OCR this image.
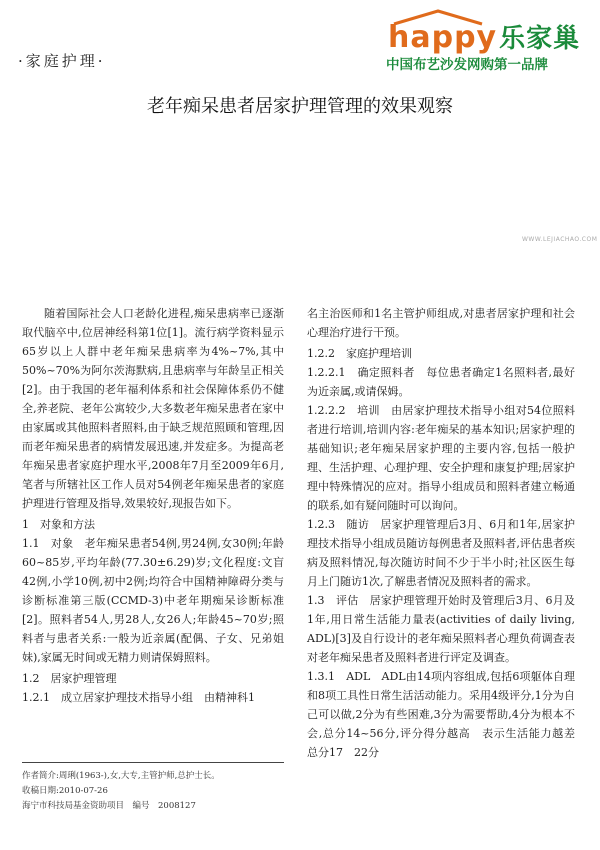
·家庭护理·
happy乐家巢
中国布艺沙发网购第一品牌
WWW.LEJIACHAO.COM
老年痴呆患者居家护理管理的效果观察

随着国际社会人口老龄化进程,痴呆患病率已逐渐取代脑卒中,位居神经科第1位[1]。流行病学资料显示65岁以上人群中老年痴呆患病率为4%~7%,其中50%~70%为阿尔茨海默病,且患病率与年龄呈正相关[2]。由于我国的老年福利体系和社会保障体系仍不健全,养老院、老年公寓较少,大多数老年痴呆患者在家中由家属或其他照料者照料,由于缺乏规范照顾和管理,因而老年痴呆患者的病情发展迅速,并发症多。为提高老年痴呆患者家庭护理水平,2008年7月至2009年6月,笔者与所辖社区工作人员对54例老年痴呆患者的家庭护理进行管理及指导,效果较好,现报告如下。

1　对象和方法

1.1　对象　老年痴呆患者54例,男24例,女30例;年龄60~85岁,平均年龄(77.30±6.29)岁;文化程度:文盲42例,小学10例,初中2例;均符合中国精神障碍分类与诊断标准第三版(CCMD-3)中老年期痴呆诊断标准[2]。照料者54人,男28人,女26人;年龄45~70岁;照料者与患者关系:一般为近亲属(配偶、子女、兄弟姐妹),家属无时间或无精力则请保姆照料。

1.2　居家护理管理

1.2.1　成立居家护理技术指导小组　由精神科1

名主治医师和1名主管护师组成,对患者居家护理和社会心理治疗进行干预。

1.2.2　家庭护理培训

1.2.2.1　确定照料者　每位患者确定1名照料者,最好为近亲属,或请保姆。

1.2.2.2　培训　由居家护理技术指导小组对54位照料者进行培训,培训内容:老年痴呆的基本知识;居家护理的基础知识;老年痴呆居家护理的主要内容,包括一般护理、生活护理、心理护理、安全护理和康复护理;居家护理中特殊情况的应对。指导小组成员和照料者建立畅通的联系,如有疑问随时可以询问。

1.2.3　随访　居家护理管理后3月、6月和1年,居家护理技术指导小组成员随访每例患者及照料者,评估患者疾病及照料情况,每次随访时间不少于半小时;社区医生每月上门随访1次,了解患者情况及照料者的需求。

1.3　评估　居家护理管理开始时及管理后3月、6月及1年,用日常生活能力量表(activities of daily living, ADL)[3]及自行设计的老年痴呆照料者心理负荷调查表对老年痴呆患者及照料者进行评定及调查。

1.3.1　ADL　ADL由14项内容组成,包括6项躯体自理和8项工具性日常生活活动能力。采用4级评分,1分为自己可以做,2分为有些困难,3分为需要帮助,4分为根本不会,总分14~56分,评分得分越高　表示生活能力越差　总分17　22分

作者简介:周琍(1963-),女,大专,主管护师,总护士长。
收稿日期:2010-07-26
海宁市科技局基金资助项目　编号　2008127
